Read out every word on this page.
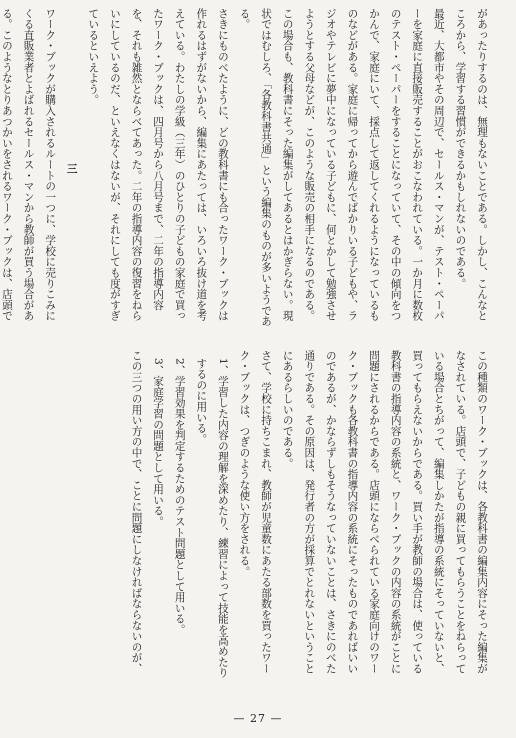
があったりするのは、無理もないことである。しかし、こんなところから、学習する習慣ができるかもしれないのである。

最近、大都市やその周辺で、セールス・マンが、テスト・ペーパーを家庭に直接販売することがおこなわれている。一か月に数枚のテスト・ペーパーをすることになっていて、その中の傾向をつかんで、家庭にいて、採点して返してくれるようになっているものなどがある。家庭に帰ってから遊んでばかりいる子どもや、ラジオやテレビに夢中になっている子どもに、何とかして勉強させようとする父母などが、このような販売の相手になるのである。この場合も、教科書にそった編集がしてあるとはかぎらない。現状ではむしろ、「各教科書共通」という編集のものが多いようである。

さきにものべたように、どの教科書にも合ったワーク・ブックは作れるはずがないから、編集にあたっては、いろいろ抜け道を考えている。わたしの学級（三年）のひとりの子どもの家庭で買ったワーク・ブックは、四月号から八月号まで、二年の指導内容を、それも雑然とならべてあった。二年の指導内容の復習をねらいにしているのだ、といえなくはないが、それにしても度がすぎているといえよう。

三

ワーク・ブックが購入されるルートの一つに、学校に売りこみにくる直販業者とよばれるセールス・マンから教師が買う場合がある。このようなとりあつかいをされるワーク・ブックは、店頭で

この種類のワーク・ブックは、各教科書の編集内容にそった編集がなされている。店頭で、子どもの親に買ってもらうことをねらっている場合とちがって、編集しかたが指導の系統にそっていないと、買ってもらえないからである。買い手が教師の場合は、使っている教科書の指導内容の系統と、ワーク・ブックの内容の系統がことに問題にされるからである。店頭にならべられている家庭向けのワーク・ブックも各教科書の指導内容の系統にそったものであればいいのであるが、かならずしもそうなっていないことは、さきにのべた通りである。その原因は、発行者の方が採算でとれないということにあるらしいのである。

さて、学校に持ちこまれ、教師が児童数にあたる部数を買ったワーク・ブックは、つぎのような使い方をされる。

1、学習した内容の理解を深めたり、練習によって技能を高めたりするのに用いる。

2、学習効果を判定するためのテスト問題として用いる。

3、家庭学習の問題として用いる。

この三つの用い方の中で、ことに問題にしなければならないのが、

— 27 —
